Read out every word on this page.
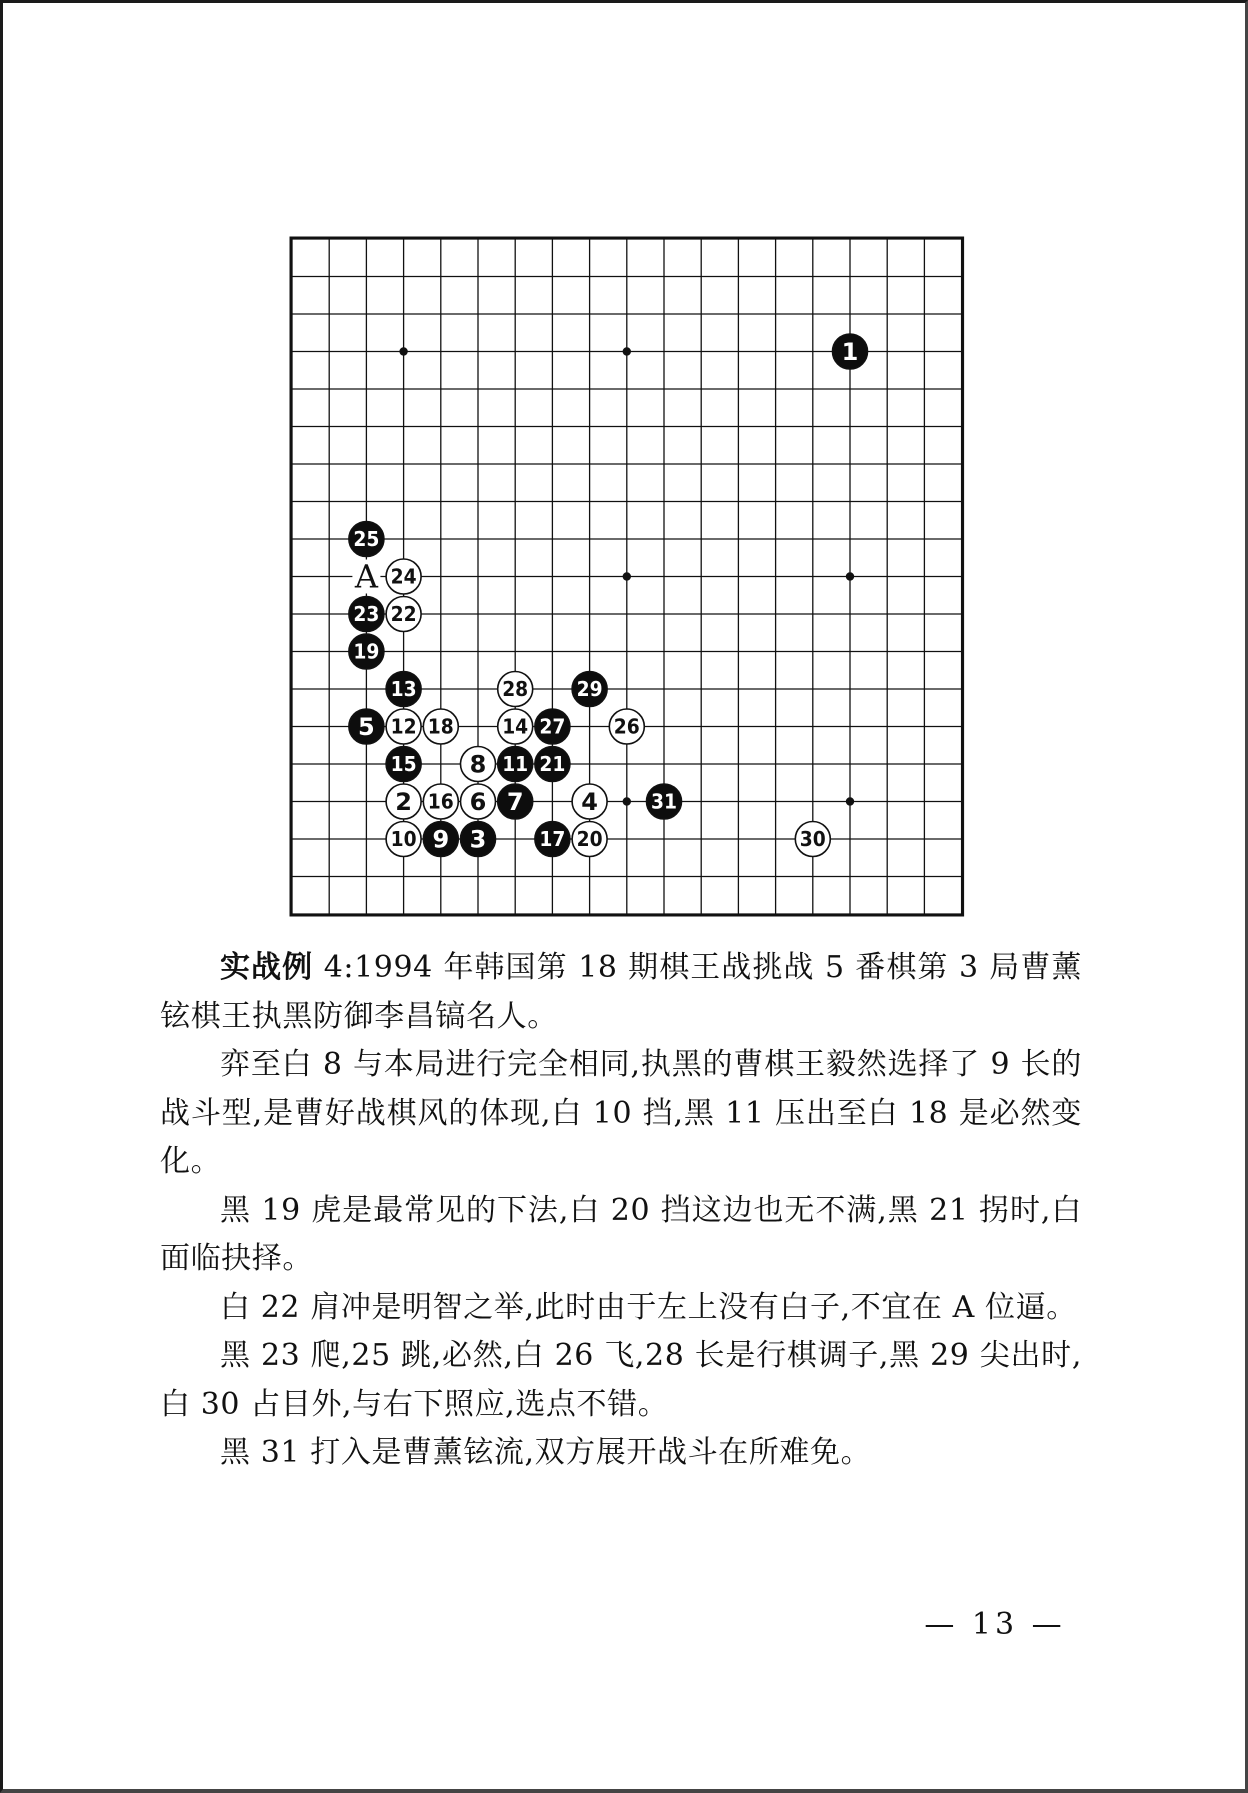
1
25
24
23 22
19
13	28 29
5 12 18 14 27 26
15 8 11 21
2 16 6 7 4	31
10 9 3	17 20	30
A

实战例 4:1994 年韩国第 18 期棋王战挑战 5 番棋第 3 局曹薰铉棋王执黑防御李昌镐名人。

弈至白 8 与本局进行完全相同,执黑的曹棋王毅然选择了 9 长的战斗型,是曹好战棋风的体现,白 10 挡,黑 11 压出至白 18 是必然变化。

黑 19 虎是最常见的下法,白 20 挡这边也无不满,黑 21 拐时,白面临抉择。

白 22 肩冲是明智之举,此时由于左上没有白子,不宜在 A 位逼。

黑 23 爬,25 跳,必然,白 26 飞,28 长是行棋调子,黑 29 尖出时,白 30 占目外,与右下照应,选点不错。

黑 31 打入是曹薰铉流,双方展开战斗在所难免。

— 13 —
